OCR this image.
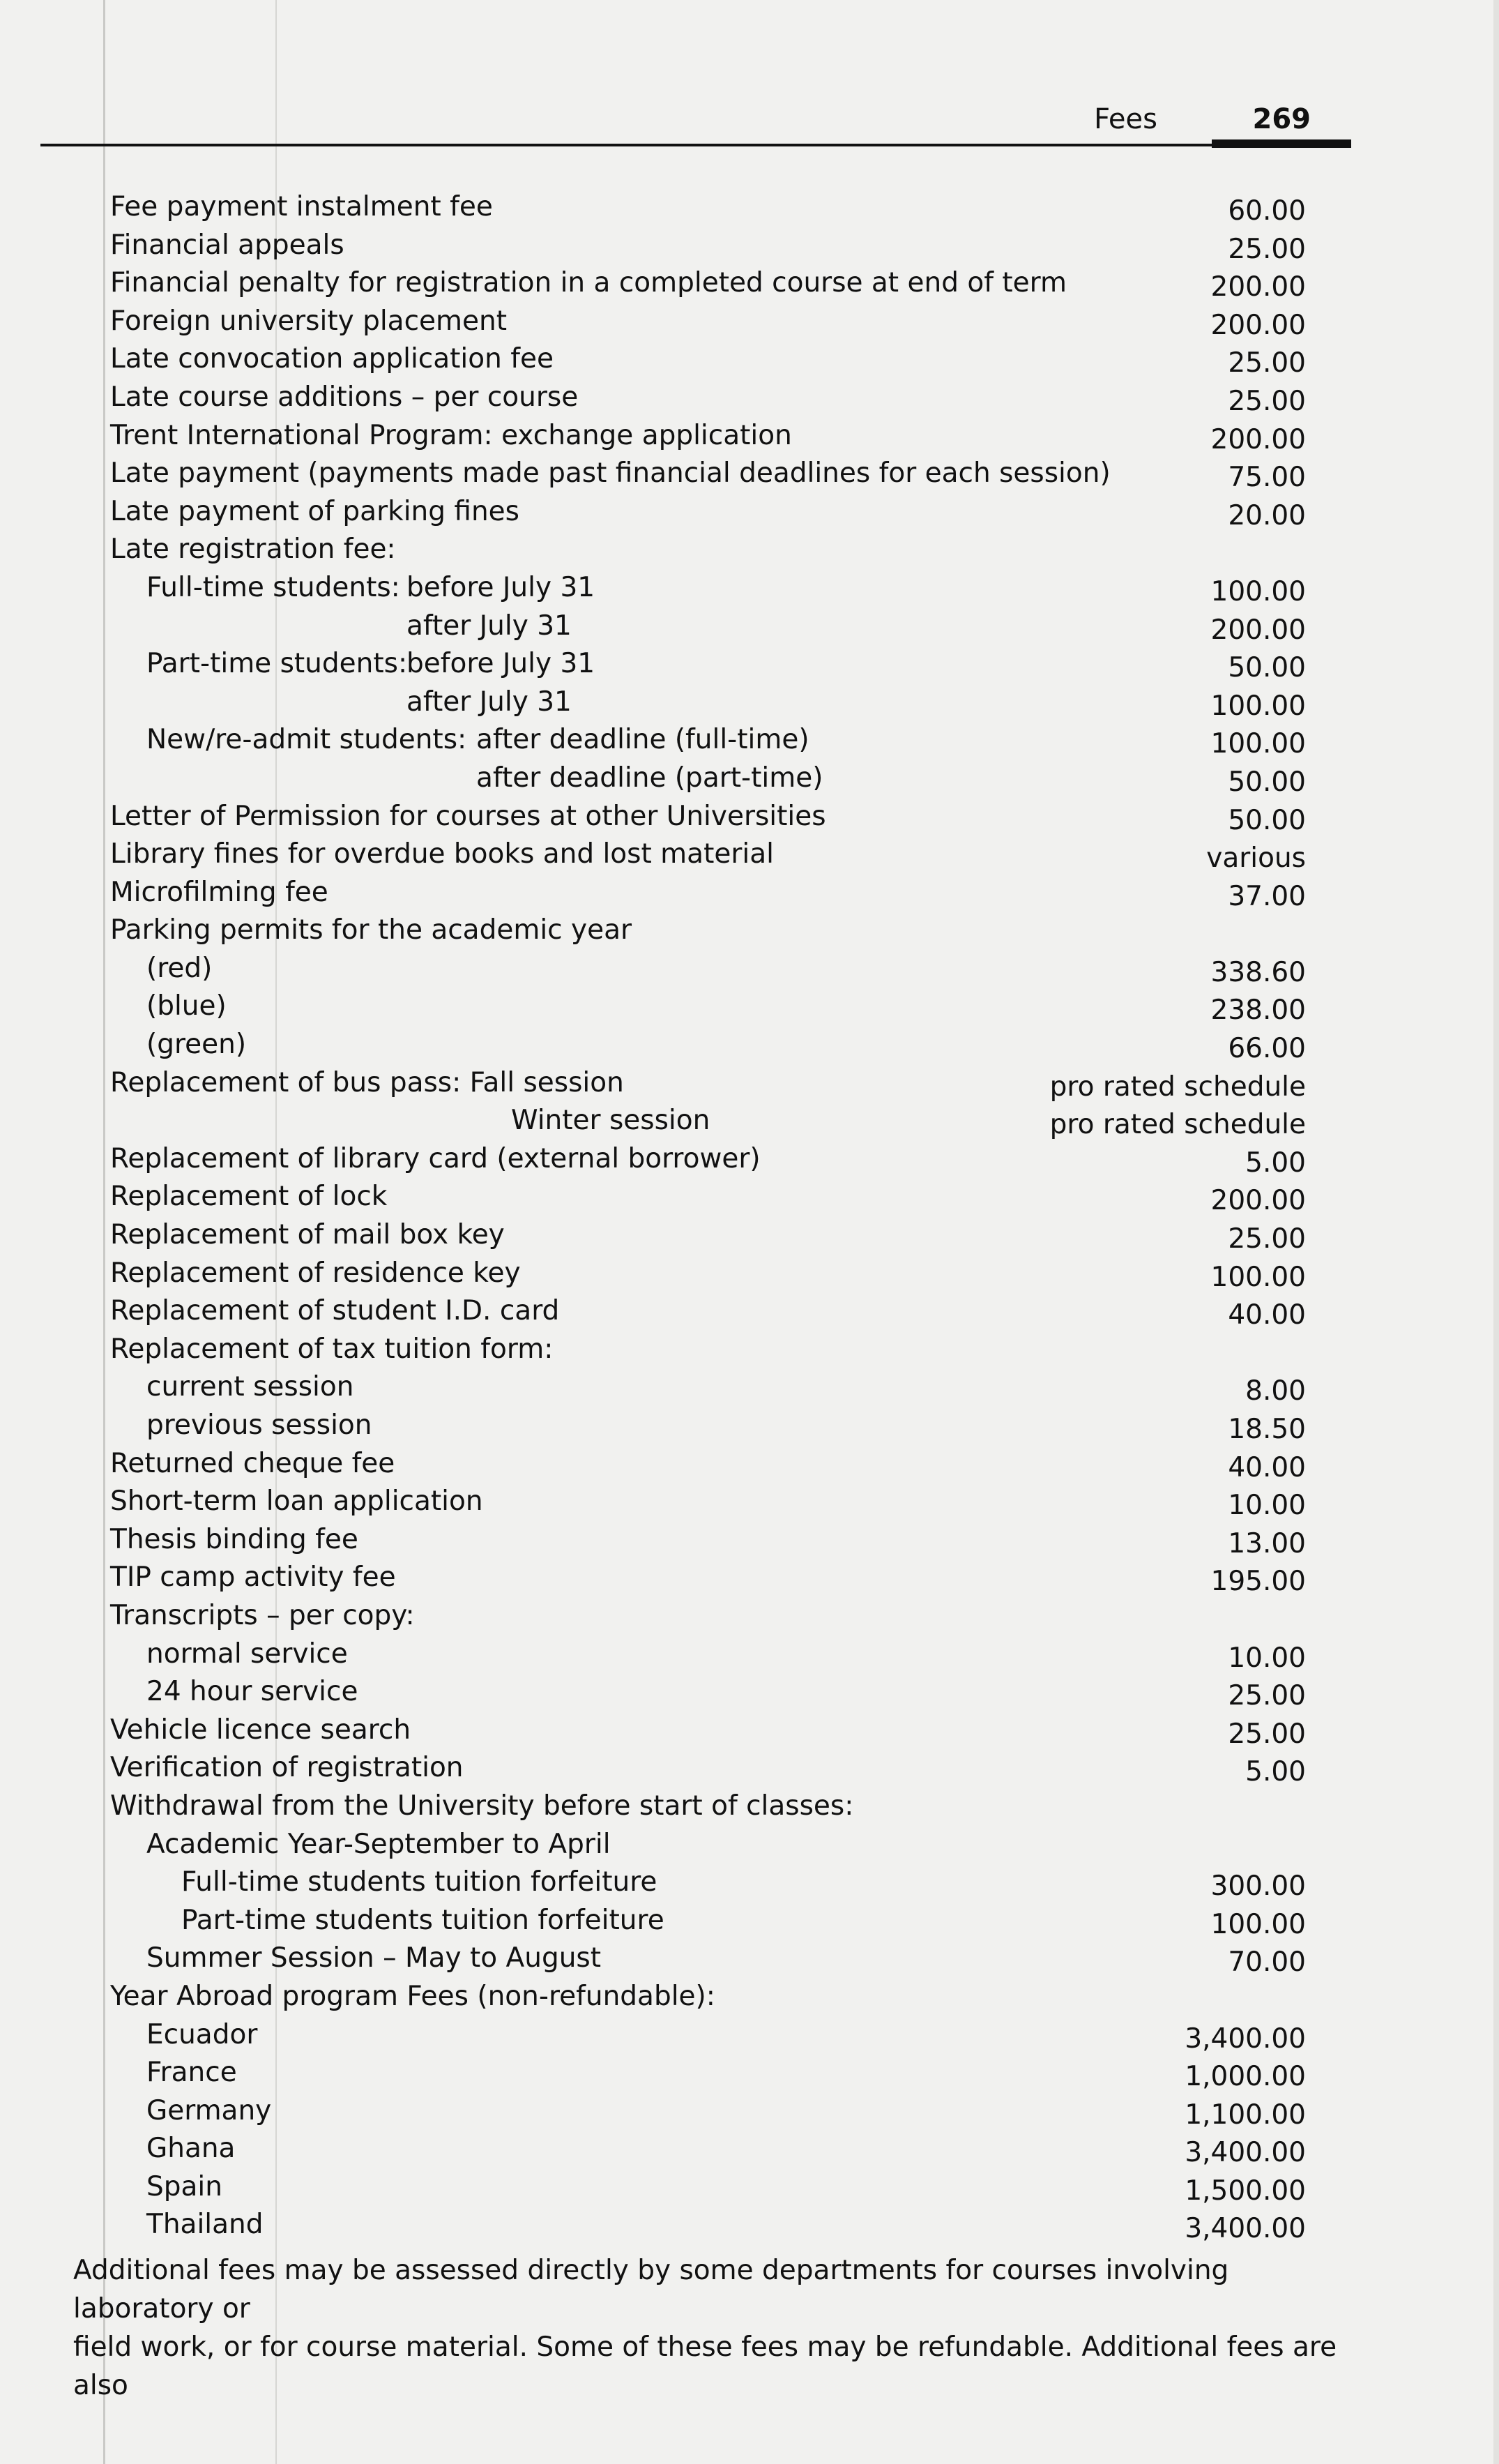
Fees	269
Fee payment instalment fee	60.00
Financial appeals	25.00
Financial penalty for registration in a completed course at end of term	200.00
Foreign university placement	200.00
Late convocation application fee	25.00
Late course additions – per course	25.00
Trent International Program: exchange application	200.00
Late payment (payments made past financial deadlines for each session)	75.00
Late payment of parking fines	20.00
Late registration fee:
Full-time students: before July 31	100.00
after July 31	200.00
Part-time students:
before July 31	50.00
after July 31	100.00
New/re-admit students: after deadline (full-time)	100.00
after deadline (part-time)	50.00
Letter of Permission for courses at other Universities	50.00
Library fines for overdue books and lost material	various
Microfilming fee	37.00
Parking permits for the academic year
(red)	338.60
(blue)	238.00
(green)	66.00
Replacement of bus pass: Fall session	pro rated schedule
Winter session	pro rated schedule
Replacement of library card (external borrower)	5.00
Replacement of lock	200.00
Replacement of mail box key	25.00
Replacement of residence key	100.00
Replacement of student I.D. card	40.00
Replacement of tax tuition form:
current session	8.00
previous session	18.50
Returned cheque fee	40.00
Short-term loan application	10.00
Thesis binding fee	13.00
TIP camp activity fee	195.00
Transcripts – per copy:
normal service	10.00
24 hour service	25.00
Vehicle licence search	25.00
Verification of registration	5.00
Withdrawal from the University before start of classes:
Academic Year-September to April
Full-time students tuition forfeiture	300.00
Part-time students tuition forfeiture	100.00
Summer Session – May to August	70.00
Year Abroad program Fees (non-refundable):
Ecuador	3,400.00
France	1,000.00
Germany	1,100.00
Ghana	3,400.00
Spain	1,500.00
Thailand	3,400.00

Additional fees may be assessed directly by some departments for courses involving laboratory or

field work, or for course material. Some of these fees may be refundable. Additional fees are also
